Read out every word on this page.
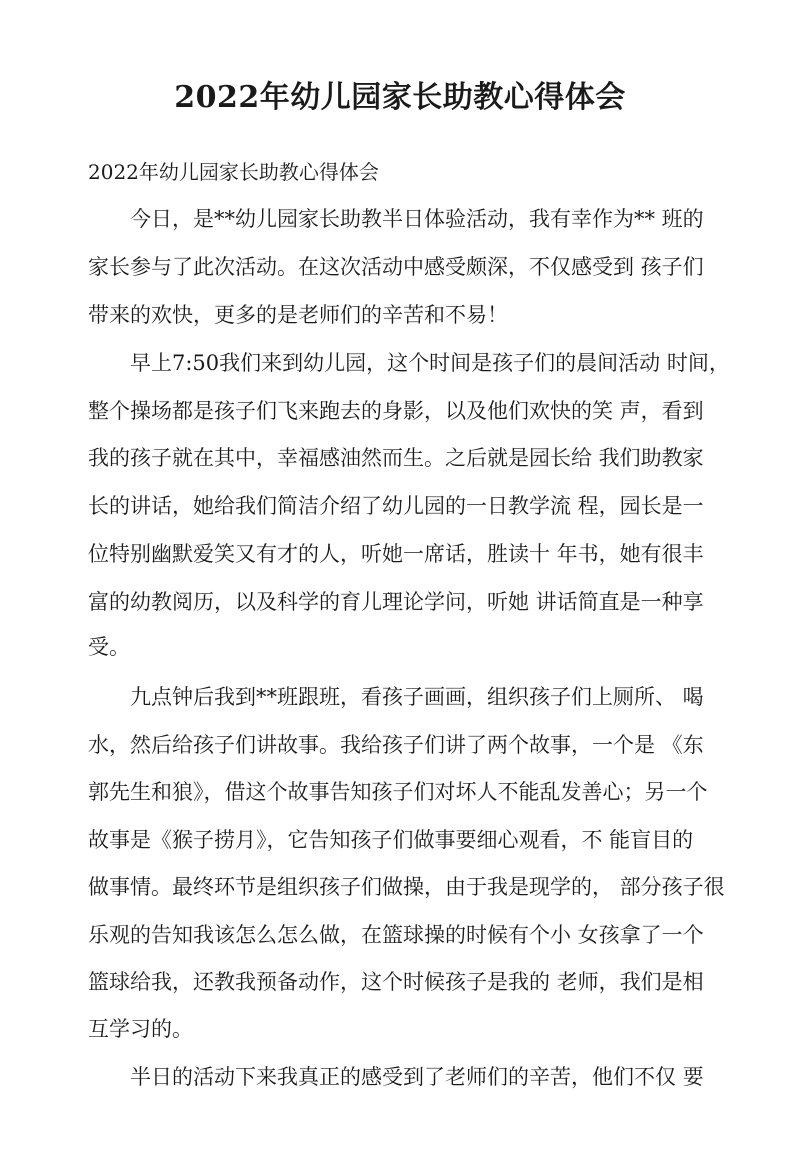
2022年幼儿园家长助教心得体会
2022年幼儿园家长助教心得体会
　　今日，是**幼儿园家长助教半日体验活动，我有幸作为** 班的
家长参与了此次活动。在这次活动中感受颇深，不仅感受到 孩子们
带来的欢快，更多的是老师们的辛苦和不易！
　　早上7:50我们来到幼儿园，这个时间是孩子们的晨间活动 时间，
整个操场都是孩子们飞来跑去的身影，以及他们欢快的笑 声，看到
我的孩子就在其中，幸福感油然而生。之后就是园长给 我们助教家
长的讲话，她给我们简洁介绍了幼儿园的一日教学流 程，园长是一
位特别幽默爱笑又有才的人，听她一席话，胜读十 年书，她有很丰
富的幼教阅历，以及科学的育儿理论学问，听她 讲话简直是一种享
受。
　　九点钟后我到**班跟班，看孩子画画，组织孩子们上厕所、 喝
水，然后给孩子们讲故事。我给孩子们讲了两个故事，一个是 《东
郭先生和狼》，借这个故事告知孩子们对坏人不能乱发善心；另一个
故事是《猴子捞月》，它告知孩子们做事要细心观看，不 能盲目的
做事情。最终环节是组织孩子们做操，由于我是现学的， 部分孩子很
乐观的告知我该怎么怎么做，在篮球操的时候有个小 女孩拿了一个
篮球给我，还教我预备动作，这个时候孩子是我的 老师，我们是相
互学习的。
　　半日的活动下来我真正的感受到了老师们的辛苦，他们不仅 要
